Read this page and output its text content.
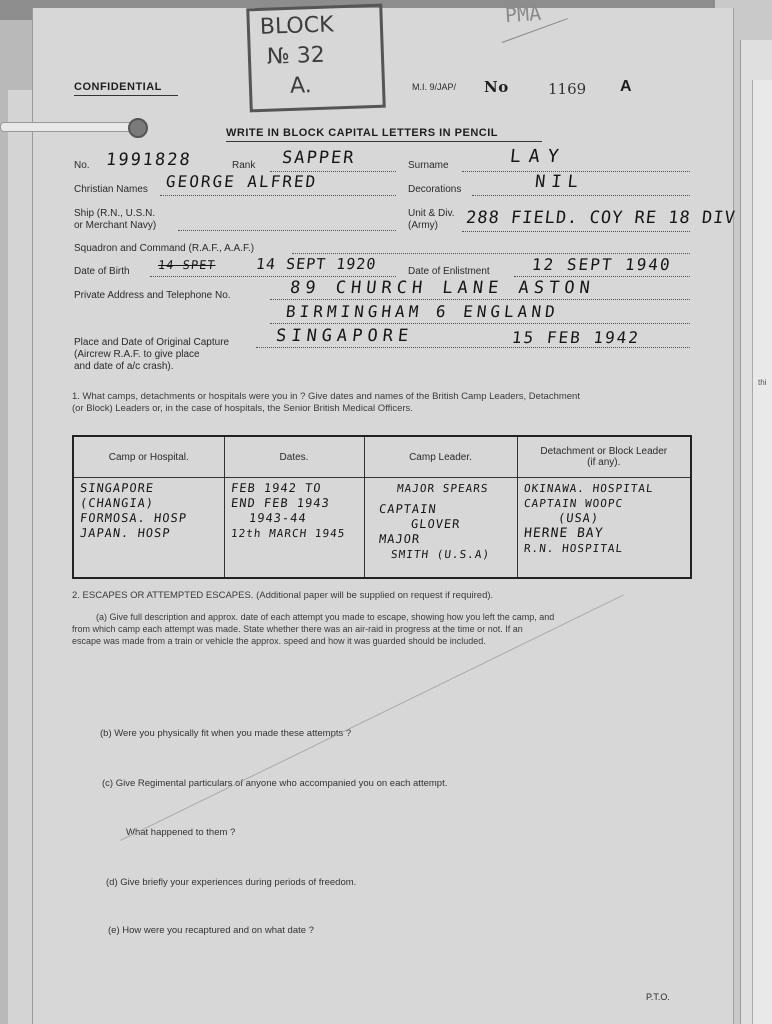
thi
BLOCK
№ 32
A.
PMA
CONFIDENTIAL	M.I. 9/JAP/ No	1169 A
WRITE IN BLOCK CAPITAL LETTERS IN PENCIL
No. 1991828	Rank SAPPER	Surname	LAY
Christian Names GEORGE ALFRED	Decorations	NIL
Ship (R.N., U.S.N.
or Merchant Navy)
Unit & Div.
(Army) 288 FIELD. COY RE 18 DIV
Squadron and Command (R.A.F., A.A.F.)
Date of Birth 14 SPET	14 SEPT 1920	Date of Enlistment	12 SEPT 1940
Private Address and Telephone No.	89 CHURCH LANE ASTON
BIRMINGHAM 6 ENGLAND
Place and Date of Original Capture
(Aircrew R.A.F. to give place
and date of a/c crash).
SINGAPORE	15 FEB 1942
1. What camps, detachments or hospitals were you in ? Give dates and names of the British Camp Leaders, Detachment
(or Block) Leaders or, in the case of hospitals, the Senior British Medical Officers.
Camp or Hospital.	Dates.	Camp Leader.	Detachment or Block Leader (if any).

SINGAPORE
(CHANGIA)
FORMOSA. HOSP
JAPAN. HOSP	FEB 1942 TO
END FEB 1943
1943-44
12th MARCH 1945	MAJOR SPEARS
CAPTAIN
GLOVER
MAJOR
SMITH (U.S.A)	OKINAWA. HOSPITAL
CAPTAIN WOOPC
(USA)
HERNE BAY
R.N. HOSPITAL
2. ESCAPES OR ATTEMPTED ESCAPES. (Additional paper will be supplied on request if required).
(a) Give full description and approx. date of each attempt you made to escape, showing how you left the camp, and
from which camp each attempt was made. State whether there was an air-raid in progress at the time or not. If an
escape was made from a train or vehicle the approx. speed and how it was guarded should be included.
(b) Were you physically fit when you made these attempts ?
(c) Give Regimental particulars of anyone who accompanied you on each attempt.
What happened to them ?
(d) Give briefly your experiences during periods of freedom.
(e) How were you recaptured and on what date ?
P.T.O.
